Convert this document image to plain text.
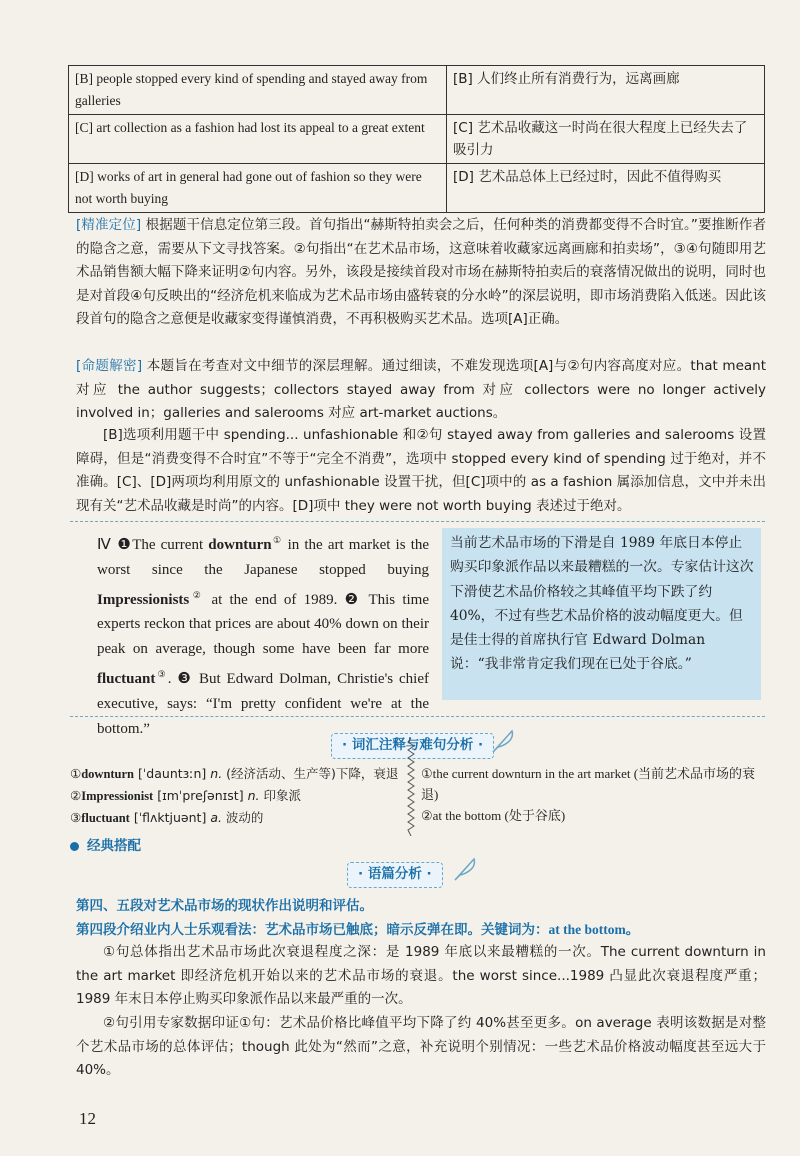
[B] people stopped every kind of spending and stayed away from galleries	[B] 人们终止所有消费行为，远离画廊
[C] art collection as a fashion had lost its appeal to a great extent	[C] 艺术品收藏这一时尚在很大程度上已经失去了吸引力
[D] works of art in general had gone out of fashion so they were not worth buying	[D] 艺术品总体上已经过时，因此不值得购买
[精准定位] 根据题干信息定位第三段。首句指出“赫斯特拍卖会之后，任何种类的消费都变得不合时宜。”要推断作者的隐含之意，需要从下文寻找答案。②句指出“在艺术品市场，这意味着收藏家远离画廊和拍卖场”，③④句随即用艺术品销售额大幅下降来证明②句内容。另外，该段是接续首段对市场在赫斯特拍卖后的衰落情况做出的说明，同时也是对首段④句反映出的“经济危机来临成为艺术品市场由盛转衰的分水岭”的深层说明，即市场消费陷入低迷。因此该段首句的隐含之意便是收藏家变得谨慎消费，不再积极购买艺术品。选项[A]正确。
[命题解密] 本题旨在考查对文中细节的深层理解。通过细读，不难发现选项[A]与②句内容高度对应。that meant 对应 the author suggests；collectors stayed away from 对应 collectors were no longer actively involved in；galleries and salerooms 对应 art-market auctions。
[B]选项利用题干中 spending... unfashionable 和②句 stayed away from galleries and salerooms 设置障碍，但是“消费变得不合时宜”不等于“完全不消费”，选项中 stopped every kind of spending 过于绝对，并不准确。[C]、[D]两项均利用原文的 unfashionable 设置干扰，但[C]项中的 as a fashion 属添加信息，文中并未出现有关“艺术品收藏是时尚”的内容。[D]项中 they were not worth buying 表述过于绝对。
Ⅳ ❶The current downturn① in the art market is the worst since the Japanese stopped buying Impressionists② at the end of 1989. ❷ This time experts reckon that prices are about 40% down on their peak on average, though some have been far more fluctuant③. ❸ But Edward Dolman, Christie's chief executive, says: “I'm pretty confident we're at the bottom.”
当前艺术品市场的下滑是自 1989 年底日本停止购买印象派作品以来最糟糕的一次。专家估计这次下滑使艺术品价格较之其峰值平均下跌了约 40%，不过有些艺术品价格的波动幅度更大。但是佳士得的首席执行官 Edward Dolman 说：“我非常肯定我们现在已处于谷底。”
· 词汇注释与难句分析 ·
①downturn [ˈdauntɜːn] n. (经济活动、生产等)下降，衰退
②Impressionist [ɪmˈpreʃənɪst] n. 印象派
③fluctuant [ˈflʌktjuənt] a. 波动的
①the current downturn in the art market (当前艺术品市场的衰退)
②at the bottom (处于谷底)
经典搭配
· 语篇分析 ·
第四、五段对艺术品市场的现状作出说明和评估。
第四段介绍业内人士乐观看法：艺术品市场已触底；暗示反弹在即。关键词为：at the bottom。
①句总体指出艺术品市场此次衰退程度之深：是 1989 年底以来最糟糕的一次。The current downturn in the art market 即经济危机开始以来的艺术品市场的衰退。the worst since...1989 凸显此次衰退程度严重；1989 年末日本停止购买印象派作品以来最严重的一次。
②句引用专家数据印证①句：艺术品价格比峰值平均下降了约 40%甚至更多。on average 表明该数据是对整个艺术品市场的总体评估；though 此处为“然而”之意，补充说明个别情况：一些艺术品价格波动幅度甚至远大于 40%。
12
